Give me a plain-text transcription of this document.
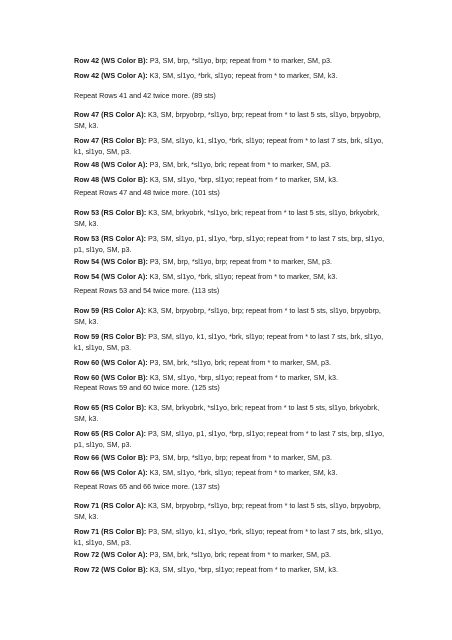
Row 42 (WS Color B): P3, SM, brp, *sl1yo, brp; repeat from * to marker, SM, p3.

Row 42 (WS Color A): K3, SM, sl1yo, *brk, sl1yo; repeat from * to marker, SM, k3.

Repeat Rows 41 and 42 twice more. (89 sts)

Row 47 (RS Color A): K3, SM, brpyobrp, *sl1yo, brp; repeat from * to last 5 sts, sl1yo, brpyobrp, SM, k3.

Row 47 (RS Color B): P3, SM, sl1yo, k1, sl1yo, *brk, sl1yo; repeat from * to last 7 sts, brk, sl1yo, k1, sl1yo, SM, p3.

Row 48 (WS Color A): P3, SM, brk, *sl1yo, brk; repeat from * to marker, SM, p3.

Row 48 (WS Color B): K3, SM, sl1yo, *brp, sl1yo; repeat from * to marker, SM, k3.

Repeat Rows 47 and 48 twice more. (101 sts)

Row 53 (RS Color B): K3, SM, brkyobrk, *sl1yo, brk; repeat from * to last 5 sts, sl1yo, brkyobrk, SM, k3.

Row 53 (RS Color A): P3, SM, sl1yo, p1, sl1yo, *brp, sl1yo; repeat from * to last 7 sts, brp, sl1yo, p1, sl1yo, SM, p3.

Row 54 (WS Color B): P3, SM, brp, *sl1yo, brp; repeat from * to marker, SM, p3.

Row 54 (WS Color A): K3, SM, sl1yo, *brk, sl1yo; repeat from * to marker, SM, k3.

Repeat Rows 53 and 54 twice more. (113 sts)

Row 59 (RS Color A): K3, SM, brpyobrp, *sl1yo, brp; repeat from * to last 5 sts, sl1yo, brpyobrp, SM, k3.

Row 59 (RS Color B): P3, SM, sl1yo, k1, sl1yo, *brk, sl1yo; repeat from * to last 7 sts, brk, sl1yo, k1, sl1yo, SM, p3.

Row 60 (WS Color A): P3, SM, brk, *sl1yo, brk; repeat from * to marker, SM, p3.

Row 60 (WS Color B): K3, SM, sl1yo, *brp, sl1yo; repeat from * to marker, SM, k3.

Repeat Rows 59 and 60 twice more. (125 sts)

Row 65 (RS Color B): K3, SM, brkyobrk, *sl1yo, brk; repeat from * to last 5 sts, sl1yo, brkyobrk, SM, k3.

Row 65 (RS Color A): P3, SM, sl1yo, p1, sl1yo, *brp, sl1yo; repeat from * to last 7 sts, brp, sl1yo, p1, sl1yo, SM, p3.

Row 66 (WS Color B): P3, SM, brp, *sl1yo, brp; repeat from * to marker, SM, p3.

Row 66 (WS Color A): K3, SM, sl1yo, *brk, sl1yo; repeat from * to marker, SM, k3.

Repeat Rows 65 and 66 twice more. (137 sts)

Row 71 (RS Color A): K3, SM, brpyobrp, *sl1yo, brp; repeat from * to last 5 sts, sl1yo, brpyobrp, SM, k3.

Row 71 (RS Color B): P3, SM, sl1yo, k1, sl1yo, *brk, sl1yo; repeat from * to last 7 sts, brk, sl1yo, k1, sl1yo, SM, p3.

Row 72 (WS Color A): P3, SM, brk, *sl1yo, brk; repeat from * to marker, SM, p3.

Row 72 (WS Color B): K3, SM, sl1yo, *brp, sl1yo; repeat from * to marker, SM, k3.
